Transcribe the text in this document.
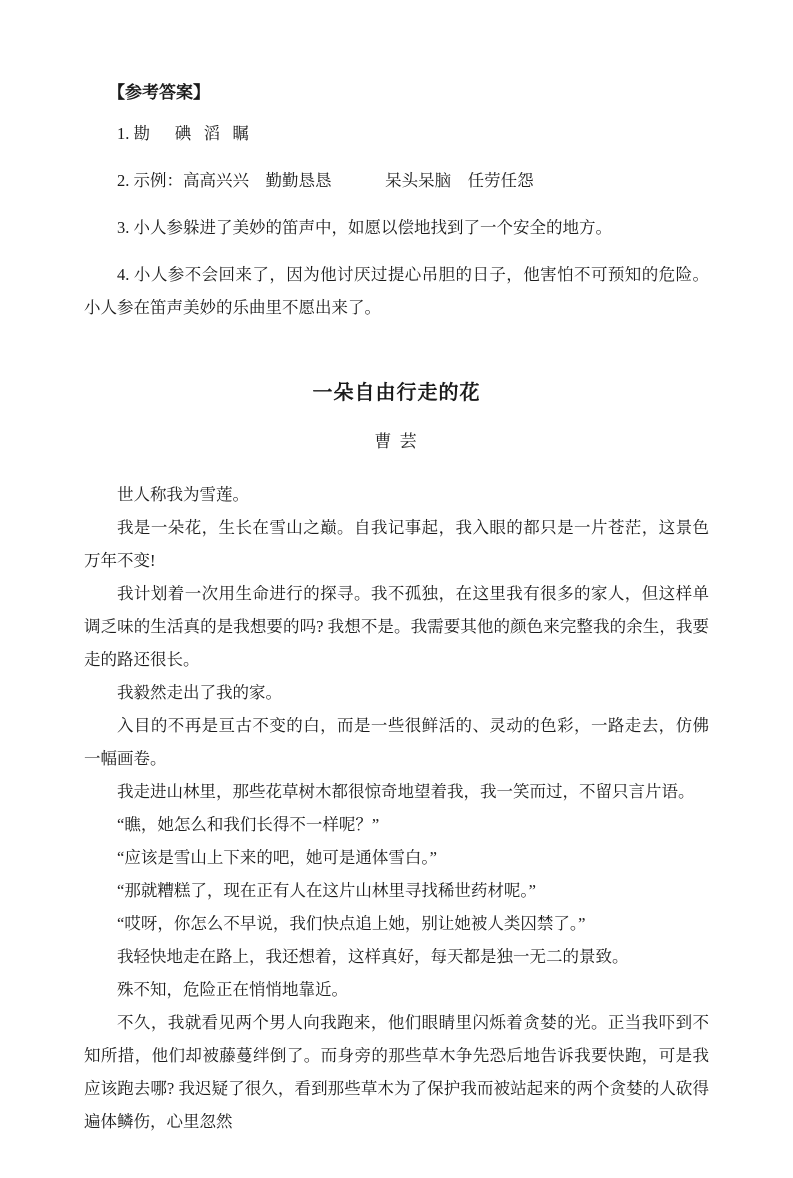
【参考答案】

1. 勘      碘   滔   瞩

2. 示例：高高兴兴    勤勤恳恳             呆头呆脑    任劳任怨

3. 小人参躲进了美妙的笛声中，如愿以偿地找到了一个安全的地方。

4. 小人参不会回来了，因为他讨厌过提心吊胆的日子，他害怕不可预知的危险。小人参在笛声美妙的乐曲里不愿出来了。

一朵自由行走的花

曹 芸

世人称我为雪莲。

我是一朵花，生长在雪山之巅。自我记事起，我入眼的都只是一片苍茫，这景色万年不变!

我计划着一次用生命进行的探寻。我不孤独，在这里我有很多的家人，但这样单调乏味的生活真的是我想要的吗? 我想不是。我需要其他的颜色来完整我的余生，我要走的路还很长。

我毅然走出了我的家。

入目的不再是亘古不变的白，而是一些很鲜活的、灵动的色彩，一路走去，仿佛一幅画卷。

我走进山林里，那些花草树木都很惊奇地望着我，我一笑而过，不留只言片语。

“瞧，她怎么和我们长得不一样呢？”

“应该是雪山上下来的吧，她可是通体雪白。”

“那就糟糕了，现在正有人在这片山林里寻找稀世药材呢。”

“哎呀，你怎么不早说，我们快点追上她，别让她被人类囚禁了。”

我轻快地走在路上，我还想着，这样真好，每天都是独一无二的景致。

殊不知，危险正在悄悄地靠近。

不久，我就看见两个男人向我跑来，他们眼睛里闪烁着贪婪的光。正当我吓到不知所措，他们却被藤蔓绊倒了。而身旁的那些草木争先恐后地告诉我要快跑，可是我应该跑去哪? 我迟疑了很久，看到那些草木为了保护我而被站起来的两个贪婪的人砍得遍体鳞伤，心里忽然
